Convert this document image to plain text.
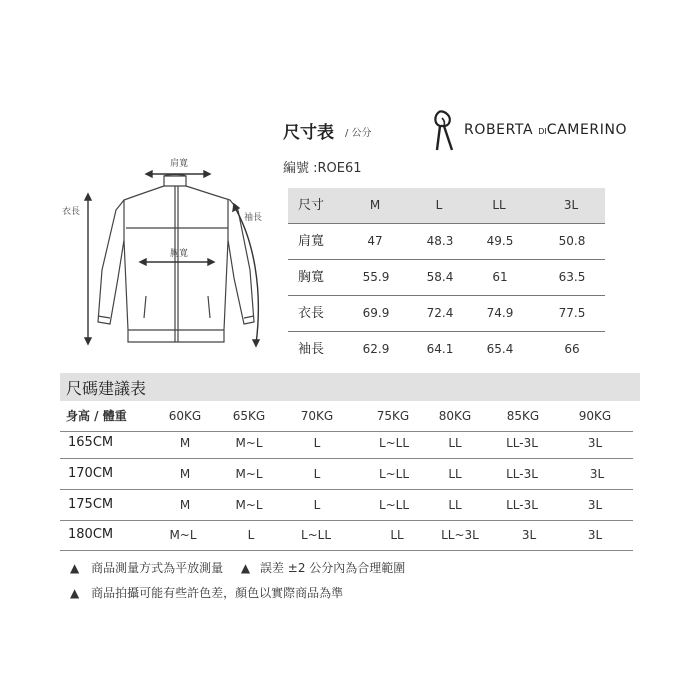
尺寸表 / 公分
編號 :ROE61
ROBERTA DICAMERINO
肩寬
胸寬
衣長
袖長
尺寸	M	L	LL	3L
肩寬	47	48.3	49.5	50.8
胸寬	55.9	58.4	61	63.5
衣長	69.9	72.4	74.9	77.5
袖長	62.9	64.1	65.4	66
尺碼建議表
身高 / 體重	60KG	65KG	70KG	75KG	80KG	85KG	90KG
165CM	M	M~L	L	L~LL	LL	LL-3L	3L
170CM	M	M~L	L	L~LL	LL	LL-3L	3L
175CM	M	M~L	L	L~LL	LL	LL-3L	3L
180CM	M~L	L	L~LL	LL	LL~3L	3L	3L
▲ 商品測量方式為平放測量 ▲ 誤差 ±2 公分內為合理範圍
▲ 商品拍攝可能有些許色差，顏色以實際商品為準
